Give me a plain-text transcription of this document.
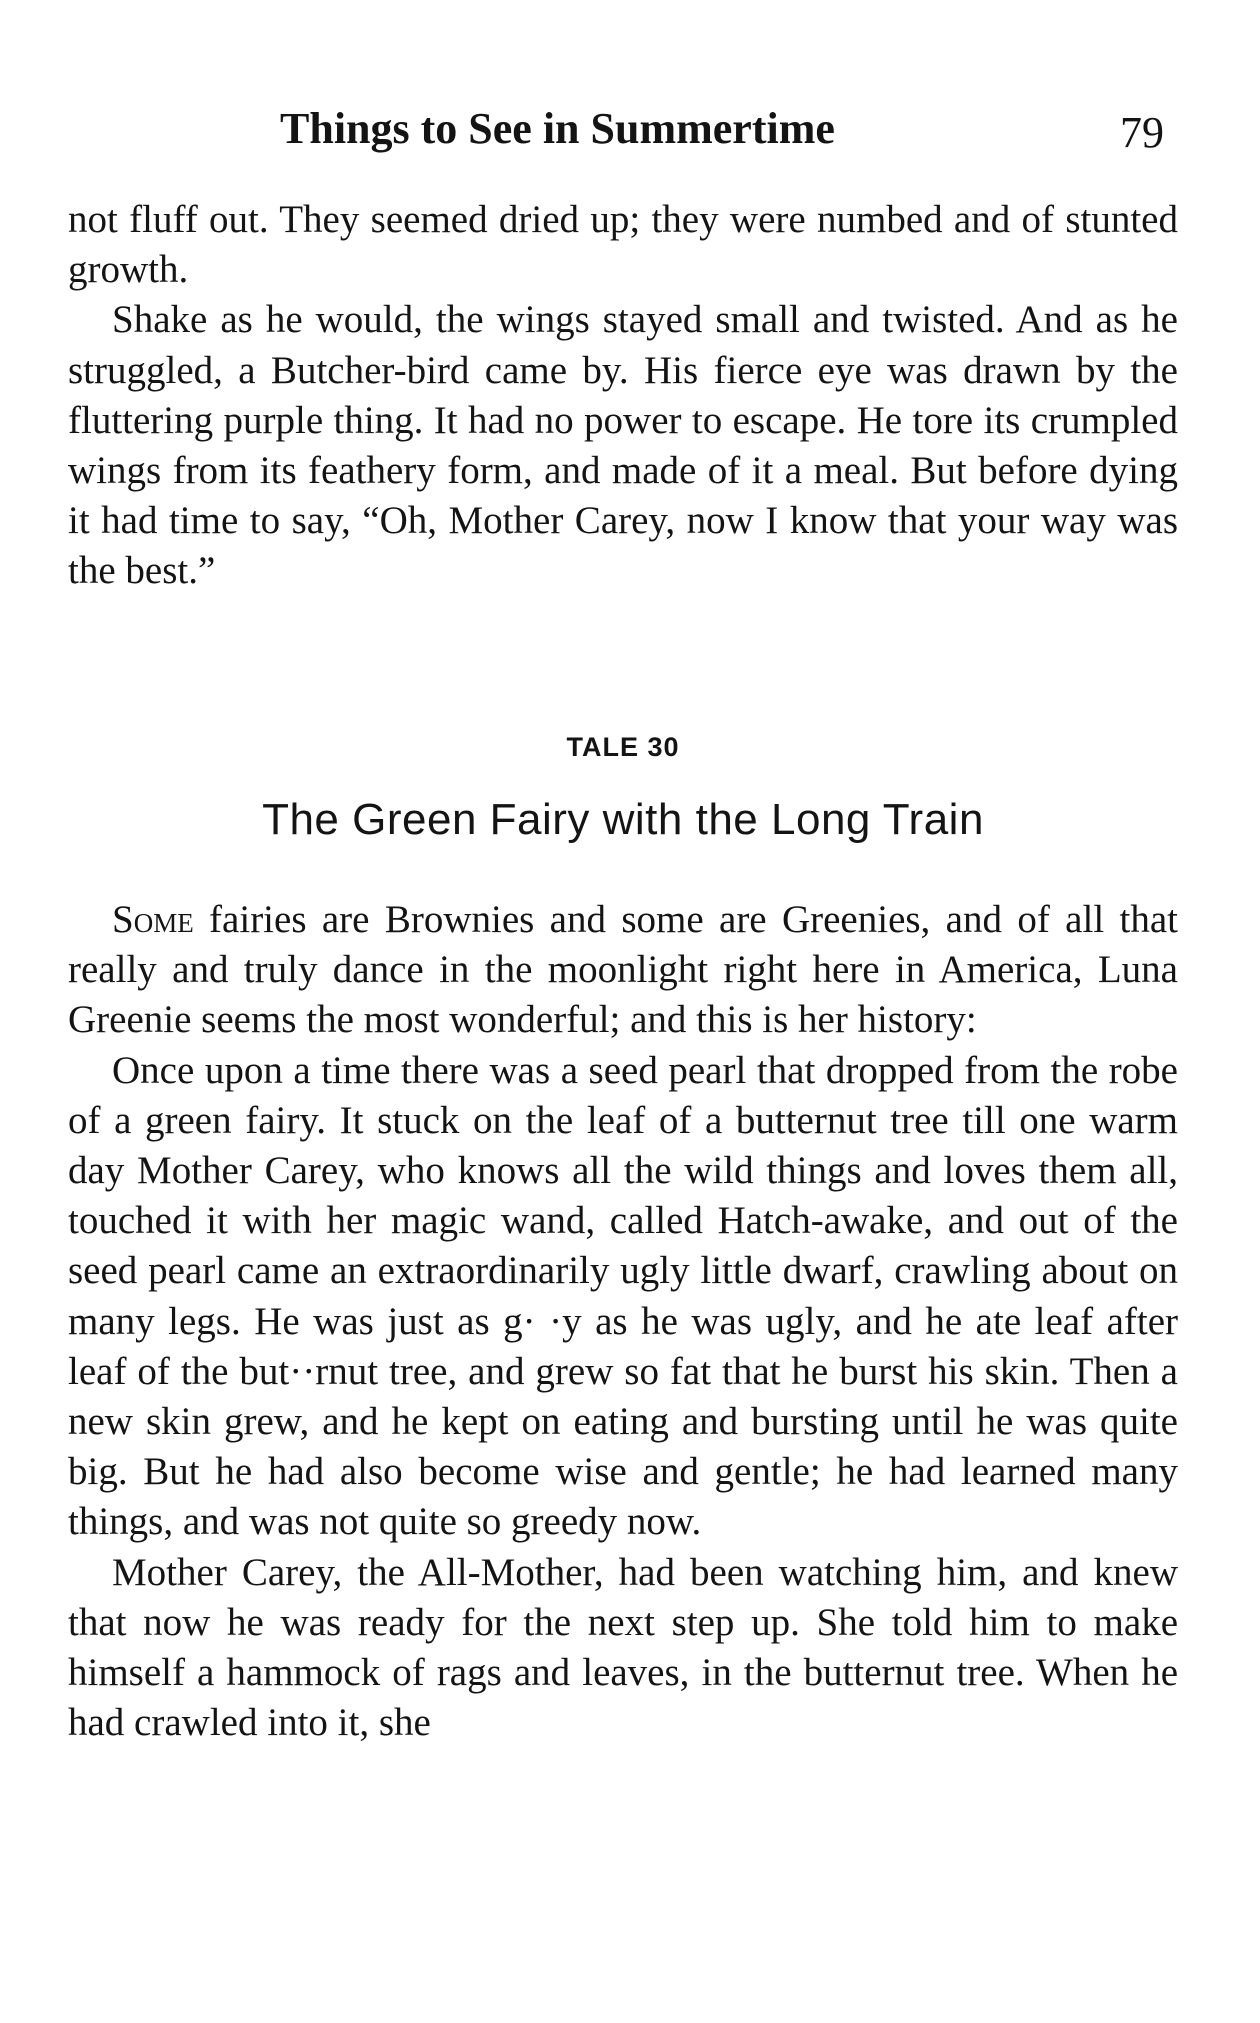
Things to See in Summertime	79

not fluff out. They seemed dried up; they were numbed and of stunted growth.

Shake as he would, the wings stayed small and twisted. And as he struggled, a Butcher-bird came by. His fierce eye was drawn by the fluttering purple thing. It had no power to escape. He tore its crumpled wings from its feathery form, and made of it a meal. But before dying it had time to say, “Oh, Mother Carey, now I know that your way was the best.”

TALE 30
The Green Fairy with the Long Train

Some fairies are Brownies and some are Greenies, and of all that really and truly dance in the moonlight right here in America, Luna Greenie seems the most wonderful; and this is her history:

Once upon a time there was a seed pearl that dropped from the robe of a green fairy. It stuck on the leaf of a butternut tree till one warm day Mother Carey, who knows all the wild things and loves them all, touched it with her magic wand, called Hatch-awake, and out of the seed pearl came an extraordinarily ugly little dwarf, crawling about on many legs. He was just as g· ·y as he was ugly, and he ate leaf after leaf of the but··rnut tree, and grew so fat that he burst his skin. Then a new skin grew, and he kept on eating and bursting until he was quite big. But he had also become wise and gentle; he had learned many things, and was not quite so greedy now.

Mother Carey, the All-Mother, had been watching him, and knew that now he was ready for the next step up. She told him to make himself a hammock of rags and leaves, in the butternut tree. When he had crawled into it, she
